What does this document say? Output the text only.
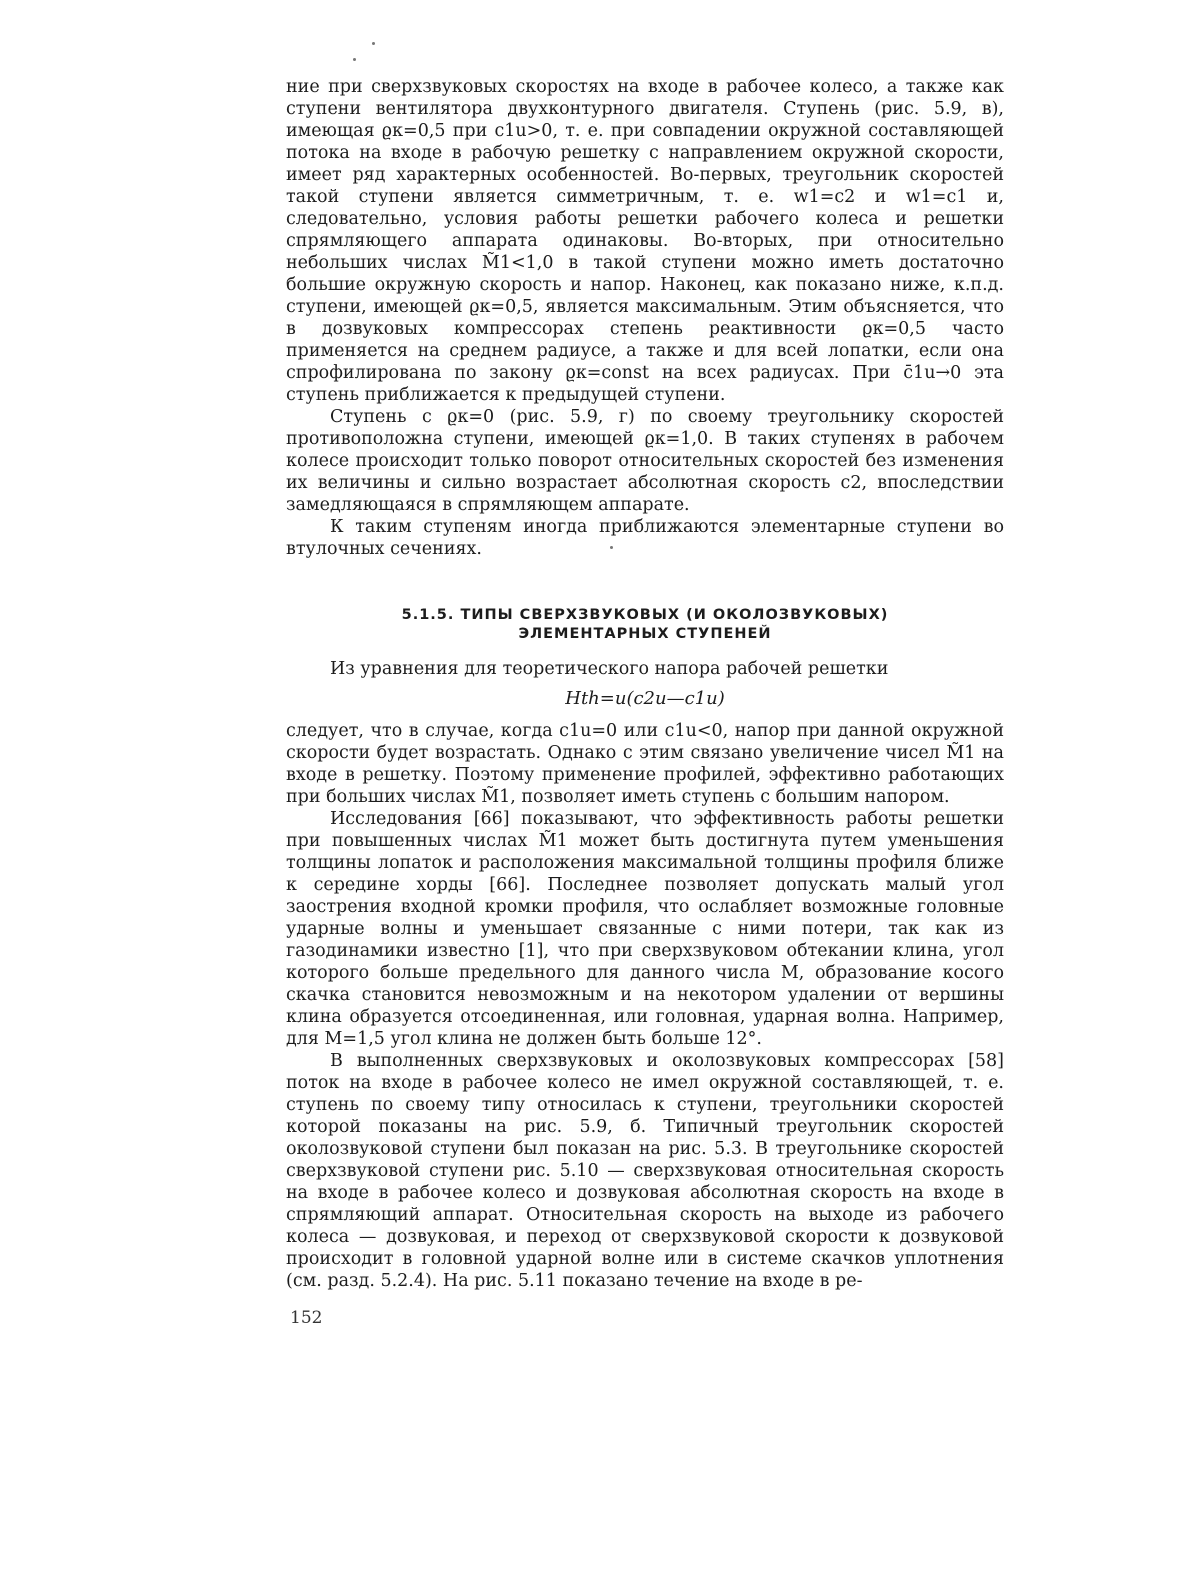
ние при сверхзвуковых скоростях на входе в рабочее колесо, а также как ступени вентилятора двухконтурного двигателя. Ступень (рис. 5.9, в), имеющая ϱк=0,5 при c1u>0, т. е. при совпадении окружной составляющей потока на входе в рабочую решетку с направлением окружной скорости, имеет ряд характерных особенностей. Во-первых, треугольник скоростей такой ступени является симметричным, т. е. w1=c2 и w1=c1 и, следовательно, условия работы решетки рабочего колеса и решетки спрямляющего аппарата одинаковы. Во-вторых, при относительно небольших числах M̃1<1,0 в такой ступени можно иметь достаточно большие окружную скорость и напор. Наконец, как показано ниже, к.п.д. ступени, имеющей ϱк=0,5, является максимальным. Этим объясняется, что в дозвуковых компрессорах степень реактивности ϱк=0,5 часто применяется на среднем радиусе, а также и для всей лопатки, если она спрофилирована по закону ϱк=const на всех радиусах. При c̄1u→0 эта ступень приближается к предыдущей ступени.

Ступень с ϱк=0 (рис. 5.9, г) по своему треугольнику скоростей противоположна ступени, имеющей ϱк=1,0. В таких ступенях в рабочем колесе происходит только поворот относительных скоростей без изменения их величины и сильно возрастает абсолютная скорость c2, впоследствии замедляющаяся в спрямляющем аппарате.

К таким ступеням иногда приближаются элементарные ступени во втулочных сечениях.

5.1.5. ТИПЫ СВЕРХЗВУКОВЫХ (И ОКОЛОЗВУКОВЫХ)
ЭЛЕМЕНТАРНЫХ СТУПЕНЕЙ

Из уравнения для теоретического напора рабочей решетки

Hth=u(c2u—c1u)

следует, что в случае, когда c1u=0 или c1u<0, напор при данной окружной скорости будет возрастать. Однако с этим связано увеличение чисел M̃1 на входе в решетку. Поэтому применение профилей, эффективно работающих при больших числах M̃1, позволяет иметь ступень с большим напором.

Исследования [66] показывают, что эффективность работы решетки при повышенных числах M̃1 может быть достигнута путем уменьшения толщины лопаток и расположения максимальной толщины профиля ближе к середине хорды [66]. Последнее позволяет допускать малый угол заострения входной кромки профиля, что ослабляет возможные головные ударные волны и уменьшает связанные с ними потери, так как из газодинамики известно [1], что при сверхзвуковом обтекании клина, угол которого больше предельного для данного числа M, образование косого скачка становится невозможным и на некотором удалении от вершины клина образуется отсоединенная, или головная, ударная волна. Например, для M=1,5 угол клина не должен быть больше 12°.

В выполненных сверхзвуковых и околозвуковых компрессорах [58] поток на входе в рабочее колесо не имел окружной составляющей, т. е. ступень по своему типу относилась к ступени, треугольники скоростей которой показаны на рис. 5.9, б. Типичный треугольник скоростей околозвуковой ступени был показан на рис. 5.3. В треугольнике скоростей сверхзвуковой ступени рис. 5.10 — сверхзвуковая относительная скорость на входе в рабочее колесо и дозвуковая абсолютная скорость на входе в спрямляющий аппарат. Относительная скорость на выходе из рабочего колеса — дозвуковая, и переход от сверхзвуковой скорости к дозвуковой происходит в головной ударной волне или в системе скачков уплотнения (см. разд. 5.2.4). На рис. 5.11 показано течение на входе в ре-

152
